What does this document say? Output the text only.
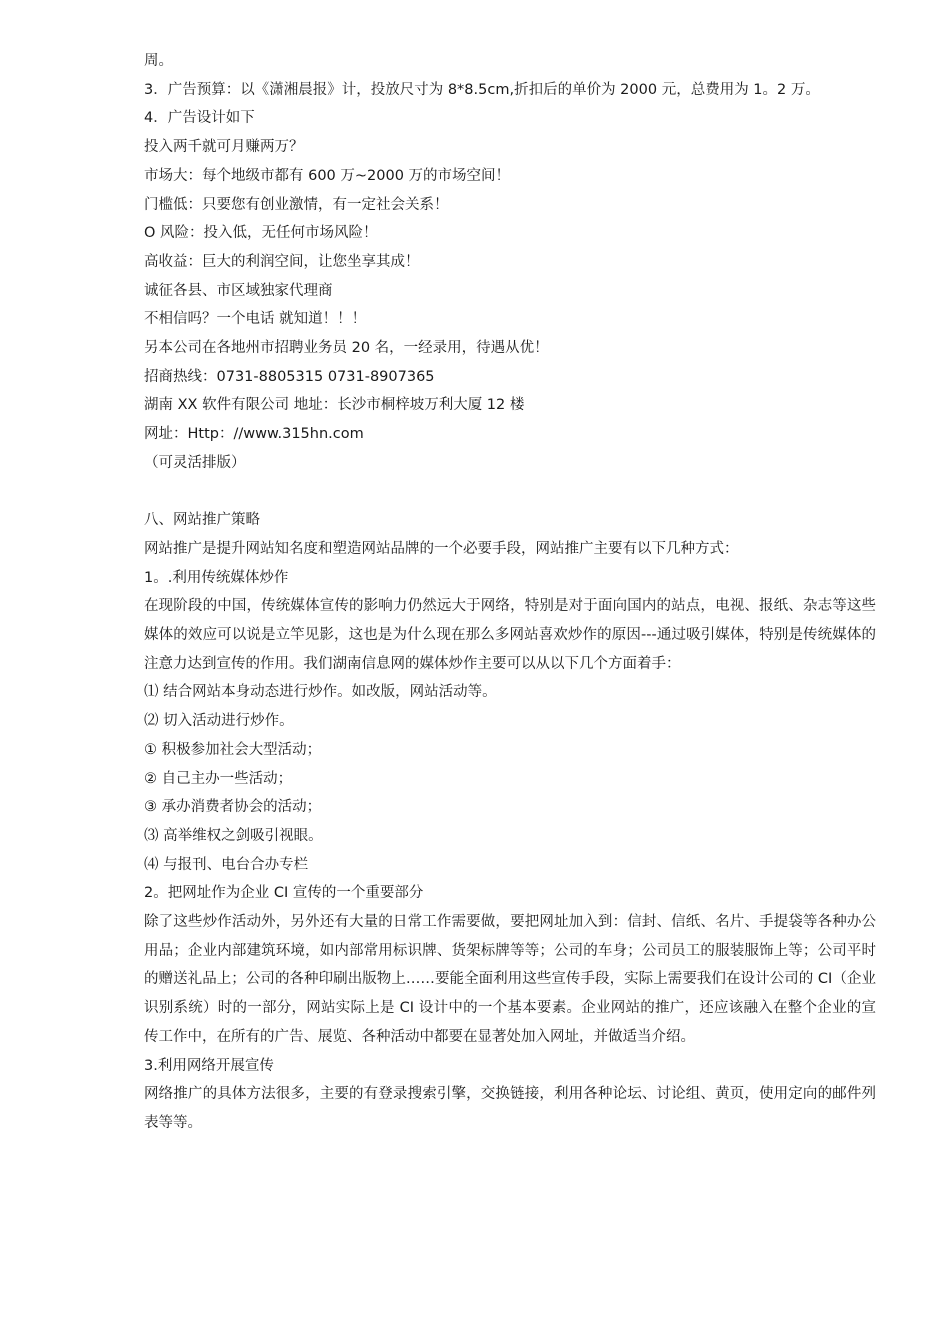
周。
3．广告预算：以《潇湘晨报》计，投放尺寸为 8*8.5cm,折扣后的单价为 2000 元，总费用为 1。2 万。
4．广告设计如下
投入两千就可月赚两万？
市场大：每个地级市都有 600 万~2000 万的市场空间！
门槛低：只要您有创业激情，有一定社会关系！
O 风险：投入低，无任何市场风险！
高收益：巨大的利润空间，让您坐享其成！
诚征各县、市区域独家代理商
不相信吗？一个电话 就知道！！！
另本公司在各地州市招聘业务员 20 名，一经录用，待遇从优！
招商热线：0731-8805315 0731-8907365
湖南 XX 软件有限公司 地址：长沙市桐梓坡万利大厦 12 楼
网址：Http：//www.315hn.com
（可灵活排版）
八、网站推广策略
网站推广是提升网站知名度和塑造网站品牌的一个必要手段，网站推广主要有以下几种方式：
1。.利用传统媒体炒作
在现阶段的中国，传统媒体宣传的影响力仍然远大于网络，特别是对于面向国内的站点，电视、报纸、杂志等这些媒体的效应可以说是立竿见影，这也是为什么现在那么多网站喜欢炒作的原因---通过吸引媒体，特别是传统媒体的注意力达到宣传的作用。我们湖南信息网的媒体炒作主要可以从以下几个方面着手：
⑴ 结合网站本身动态进行炒作。如改版，网站活动等。
⑵ 切入活动进行炒作。
① 积极参加社会大型活动；
② 自己主办一些活动；
③ 承办消费者协会的活动；
⑶ 高举维权之剑吸引视眼。
⑷ 与报刊、电台合办专栏
2。把网址作为企业 CI 宣传的一个重要部分
除了这些炒作活动外，另外还有大量的日常工作需要做，要把网址加入到：信封、信纸、名片、手提袋等各种办公用品；企业内部建筑环境，如内部常用标识牌、货架标牌等等；公司的车身；公司员工的服装服饰上等；公司平时的赠送礼品上；公司的各种印刷出版物上……要能全面利用这些宣传手段，实际上需要我们在设计公司的 CI（企业识别系统）时的一部分，网站实际上是 CI 设计中的一个基本要素。企业网站的推广，还应该融入在整个企业的宣传工作中，在所有的广告、展览、各种活动中都要在显著处加入网址，并做适当介绍。
3.利用网络开展宣传
网络推广的具体方法很多，主要的有登录搜索引擎，交换链接，利用各种论坛、讨论组、黄页，使用定向的邮件列表等等。
